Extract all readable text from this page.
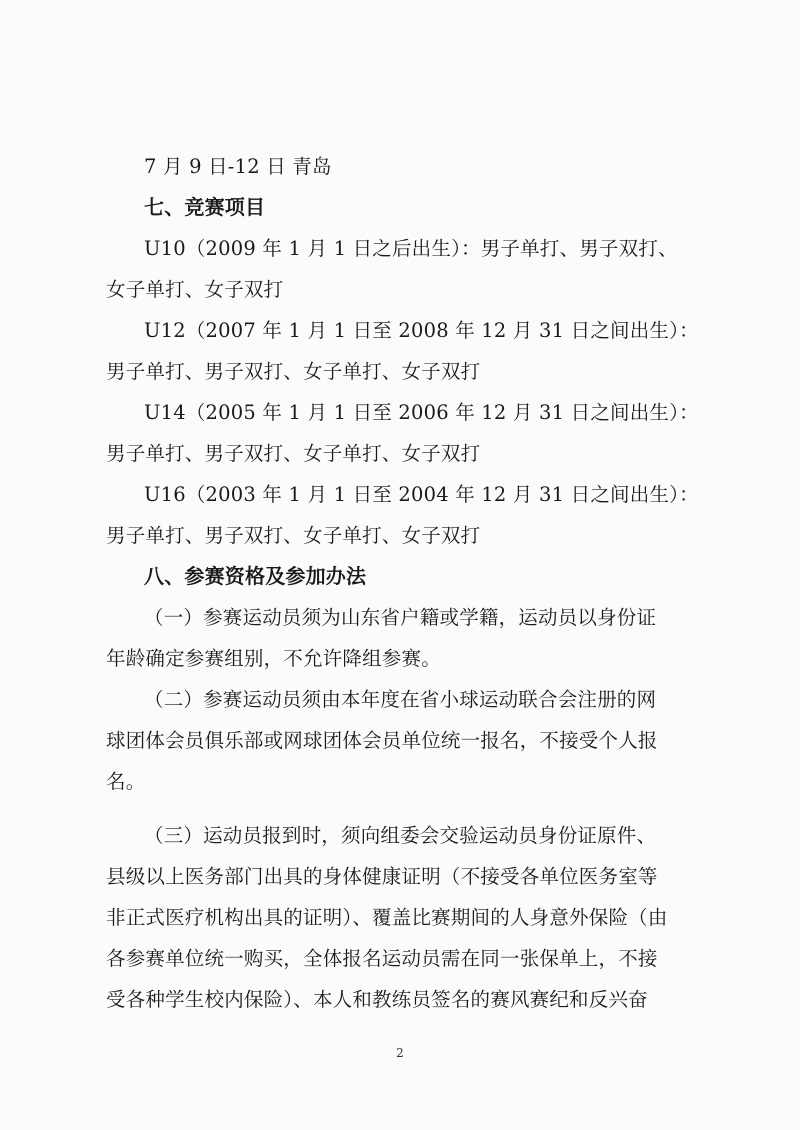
7 月 9 日-12 日 青岛
七、竞赛项目
U10（2009 年 1 月 1 日之后出生）：男子单打、男子双打、
女子单打、女子双打
U12（2007 年 1 月 1 日至 2008 年 12 月 31 日之间出生）：
男子单打、男子双打、女子单打、女子双打
U14（2005 年 1 月 1 日至 2006 年 12 月 31 日之间出生）：
男子单打、男子双打、女子单打、女子双打
U16（2003 年 1 月 1 日至 2004 年 12 月 31 日之间出生）：
男子单打、男子双打、女子单打、女子双打
八、参赛资格及参加办法
（一）参赛运动员须为山东省户籍或学籍，运动员以身份证
年龄确定参赛组别，不允许降组参赛。
（二）参赛运动员须由本年度在省小球运动联合会注册的网
球团体会员俱乐部或网球团体会员单位统一报名，不接受个人报
名。
（三）运动员报到时，须向组委会交验运动员身份证原件、
县级以上医务部门出具的身体健康证明（不接受各单位医务室等
非正式医疗机构出具的证明）、覆盖比赛期间的人身意外保险（由
各参赛单位统一购买，全体报名运动员需在同一张保单上，不接
受各种学生校内保险）、本人和教练员签名的赛风赛纪和反兴奋
2
